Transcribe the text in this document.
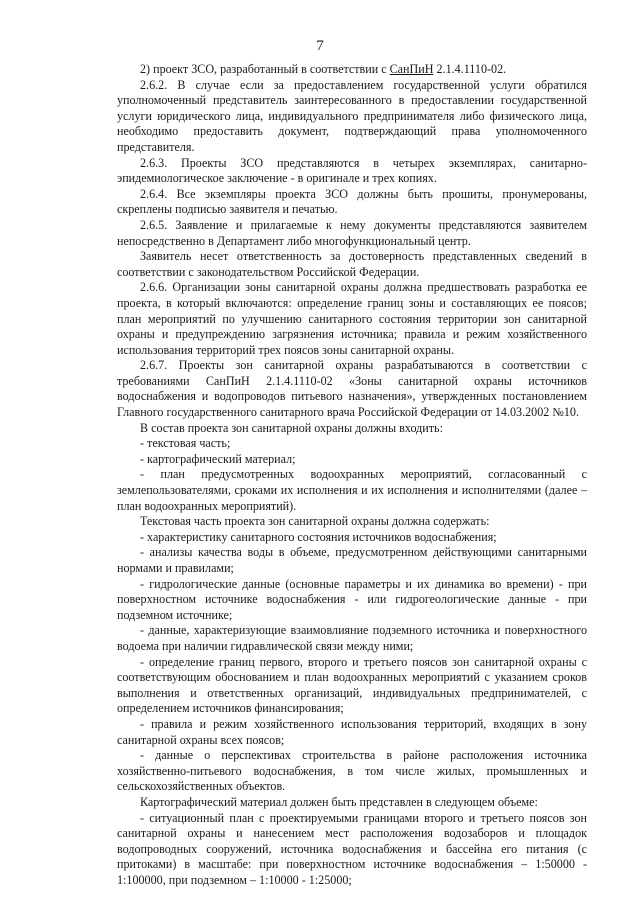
7

2) проект ЗСО, разработанный в соответствии с СанПиН 2.1.4.1110-02.

2.6.2. В случае если за предоставлением государственной услуги обратился уполномоченный представитель заинтересованного в предоставлении государственной услуги юридического лица, индивидуального предпринимателя либо физического лица, необходимо предоставить документ, подтверждающий права уполномоченного представителя.

2.6.3. Проекты ЗСО представляются в четырех экземплярах, санитарно-эпидемиологическое заключение - в оригинале и трех копиях.

2.6.4. Все экземпляры проекта ЗСО должны быть прошиты, пронумерованы, скреплены подписью заявителя и печатью.

2.6.5. Заявление и прилагаемые к нему документы представляются заявителем непосредственно в Департамент либо многофункциональный центр.

Заявитель несет ответственность за достоверность представленных сведений в соответствии с законодательством Российской Федерации.

2.6.6. Организации зоны санитарной охраны должна предшествовать разработка ее проекта, в который включаются: определение границ зоны и составляющих ее поясов; план мероприятий по улучшению санитарного состояния территории зон санитарной охраны и предупреждению загрязнения источника; правила и режим хозяйственного использования территорий трех поясов зоны санитарной охраны.

2.6.7. Проекты зон санитарной охраны разрабатываются в соответствии с требованиями СанПиН 2.1.4.1110-02 «Зоны санитарной охраны источников водоснабжения и водопроводов питьевого назначения», утвержденных постановлением Главного государственного санитарного врача Российской Федерации от 14.03.2002 №10.

В состав проекта зон санитарной охраны должны входить:

- текстовая часть;

- картографический материал;

- план предусмотренных водоохранных мероприятий, согласованный с землепользователями, сроками их исполнения и их исполнения и исполнителями (далее – план водоохранных мероприятий).

Текстовая часть проекта зон санитарной охраны должна содержать:

- характеристику санитарного состояния источников водоснабжения;

- анализы качества воды в объеме, предусмотренном действующими санитарными нормами и правилами;

- гидрологические данные (основные параметры и их динамика во времени) - при поверхностном источнике водоснабжения - или гидрогеологические данные - при подземном источнике;

- данные, характеризующие взаимовлияние подземного источника и поверхностного водоема при наличии гидравлической связи между ними;

- определение границ первого, второго и третьего поясов зон санитарной охраны с соответствующим обоснованием и план водоохранных мероприятий с указанием сроков выполнения и ответственных организаций, индивидуальных предпринимателей, с определением источников финансирования;

- правила и режим хозяйственного использования территорий, входящих в зону санитарной охраны всех поясов;

- данные о перспективах строительства в районе расположения источника хозяйственно-питьевого водоснабжения, в том числе жилых, промышленных и сельскохозяйственных объектов.

Картографический материал должен быть представлен в следующем объеме:

- ситуационный план с проектируемыми границами второго и третьего поясов зон санитарной охраны и нанесением мест расположения водозаборов и площадок водопроводных сооружений, источника водоснабжения и бассейна его питания (с притоками) в масштабе: при поверхностном источнике водоснабжения – 1:50000 - 1:100000, при подземном – 1:10000 - 1:25000;
